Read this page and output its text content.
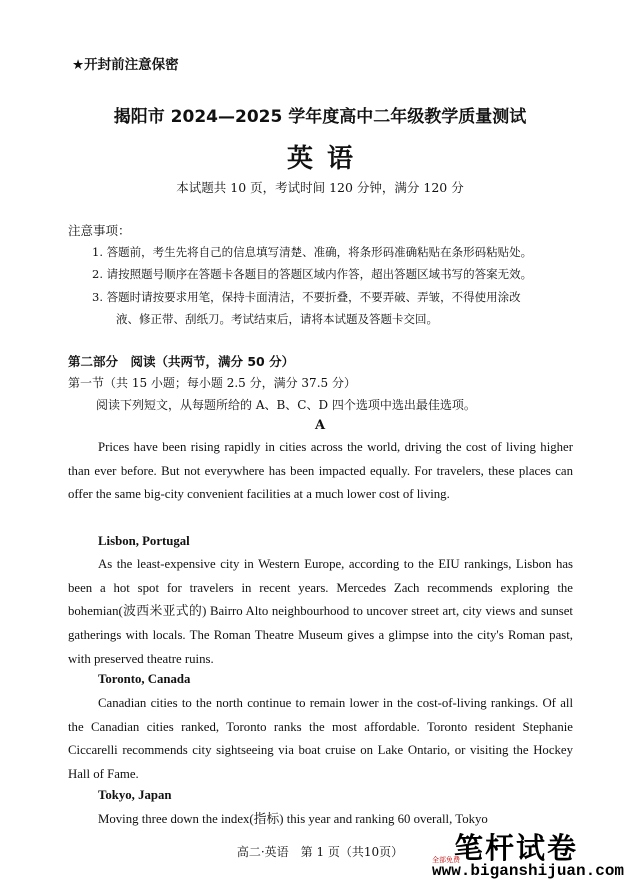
★开封前注意保密
揭阳市 2024—2025 学年度高中二年级教学质量测试
英语
本试题共 10 页，考试时间 120 分钟，满分 120 分
注意事项：
1. 答题前，考生先将自己的信息填写清楚、准确，将条形码准确粘贴在条形码粘贴处。
2. 请按照题号顺序在答题卡各题目的答题区域内作答，超出答题区域书写的答案无效。
3. 答题时请按要求用笔，保持卡面清洁，不要折叠，不要弄破、弄皱，不得使用涂改
液、修正带、刮纸刀。考试结束后，请将本试题及答题卡交回。
第二部分　阅读（共两节，满分 50 分）
第一节（共 15 小题；每小题 2.5 分，满分 37.5 分）
阅读下列短文，从每题所给的 A、B、C、D 四个选项中选出最佳选项。
A

Prices have been rising rapidly in cities across the world, driving the cost of living higher than ever before. But not everywhere has been impacted equally. For travelers, these places can offer the same big-city convenient facilities at a much lower cost of living.

Lisbon, Portugal

As the least-expensive city in Western Europe, according to the EIU rankings, Lisbon has been a hot spot for travelers in recent years. Mercedes Zach recommends exploring the bohemian(波西米亚式的) Bairro Alto neighbourhood to uncover street art, city views and sunset gatherings with locals. The Roman Theatre Museum gives a glimpse into the city's Roman past, with preserved theatre ruins.

Toronto, Canada

Canadian cities to the north continue to remain lower in the cost-of-living rankings. Of all the Canadian cities ranked, Toronto ranks the most affordable. Toronto resident Stephanie Ciccarelli recommends city sightseeing via boat cruise on Lake Ontario, or visiting the Hockey Hall of Fame.

Tokyo, Japan

Moving three down the index(指标) this year and ranking 60 overall, Tokyo

高二·英语　第 1 页（共10页）	笔杆试卷
全部免费
www.biganshijuan.com
